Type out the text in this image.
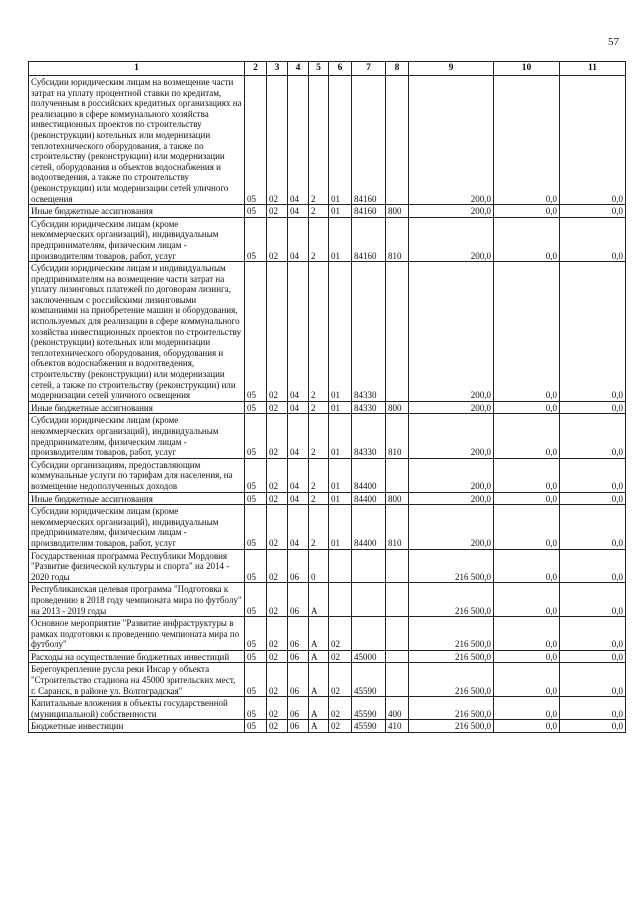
57
1	2	3	4	5	6	7	8	9	10	11
Субсидии юридическим лицам на возмещение части затрат на уплату процентной ставки по кредитам, полученным в российских кредитных организациях на реализацию в сфере коммунального хозяйства инвестиционных проектов по строительству (реконструкции) котельных или модернизации теплотехнического оборудования, а также по строительству (реконструкции) или модернизации сетей, оборудования и объектов водоснабжения и водоотведения, а также по строительству (реконструкции) или модернизации сетей уличного освещения	05	02	04	2	01	84160		200,0	0,0	0,0
Иные бюджетные ассигнования	05	02	04	2	01	84160	800	200,0	0,0	0,0
Субсидии юридическим лицам (кроме некоммерческих организаций), индивидуальным предпринимателям, физическим лицам - производителям товаров, работ, услуг	05	02	04	2	01	84160	810	200,0	0,0	0,0
Субсидии юридическим лицам и индивидуальным предпринимателям на возмещение части затрат на уплату лизинговых платежей по договорам лизинга, заключенным с российскими лизинговыми компаниями на приобретение машин и оборудования, используемых для реализации в сфере коммунального хозяйства инвестиционных проектов по строительству (реконструкции) котельных или модернизации теплотехнического оборудования, оборудования и объектов водоснабжения и водоотведения, строительству (реконструкции) или модернизации сетей, а также по строительству (реконструкции) или модернизации сетей уличного освещения	05	02	04	2	01	84330		200,0	0,0	0,0
Иные бюджетные ассигнования	05	02	04	2	01	84330	800	200,0	0,0	0,0
Субсидии юридическим лицам (кроме некоммерческих организаций), индивидуальным предпринимателям, физическим лицам - производителям товаров, работ, услуг	05	02	04	2	01	84330	810	200,0	0,0	0,0
Субсидии организациям, предоставляющим коммунальные услуги по тарифам для населения, на возмещение недополученных доходов	05	02	04	2	01	84400		200,0	0,0	0,0
Иные бюджетные ассигнования	05	02	04	2	01	84400	800	200,0	0,0	0,0
Субсидии юридическим лицам (кроме некоммерческих организаций), индивидуальным предпринимателям, физическим лицам - производителям товаров, работ, услуг	05	02	04	2	01	84400	810	200,0	0,0	0,0
Государственная программа Республики Мордовия "Развитие физической культуры и спорта" на 2014 - 2020 годы	05	02	06	0				216 500,0	0,0	0,0
Республиканская целевая программа "Подготовка к проведению в 2018 году чемпионата мира по футболу" на 2013 - 2019 годы	05	02	06	А				216 500,0	0,0	0,0
Основное мероприятие "Развитие инфраструктуры в рамках подготовки к проведению чемпионата мира по футболу"	05	02	06	А	02			216 500,0	0,0	0,0
Расходы на осуществление бюджетных инвестиций	05	02	06	А	02	45000		216 500,0	0,0	0,0
Берегоукрепление русла реки Инсар у объекта "Строительство стадиона на 45000 зрительских мест, г. Саранск, в районе ул. Волгоградская"	05	02	06	А	02	45590		216 500,0	0,0	0,0
Капитальные вложения в объекты государственной (муниципальной) собственности	05	02	06	А	02	45590	400	216 500,0	0,0	0,0
Бюджетные инвестиции	05	02	06	А	02	45590	410	216 500,0	0,0	0,0
